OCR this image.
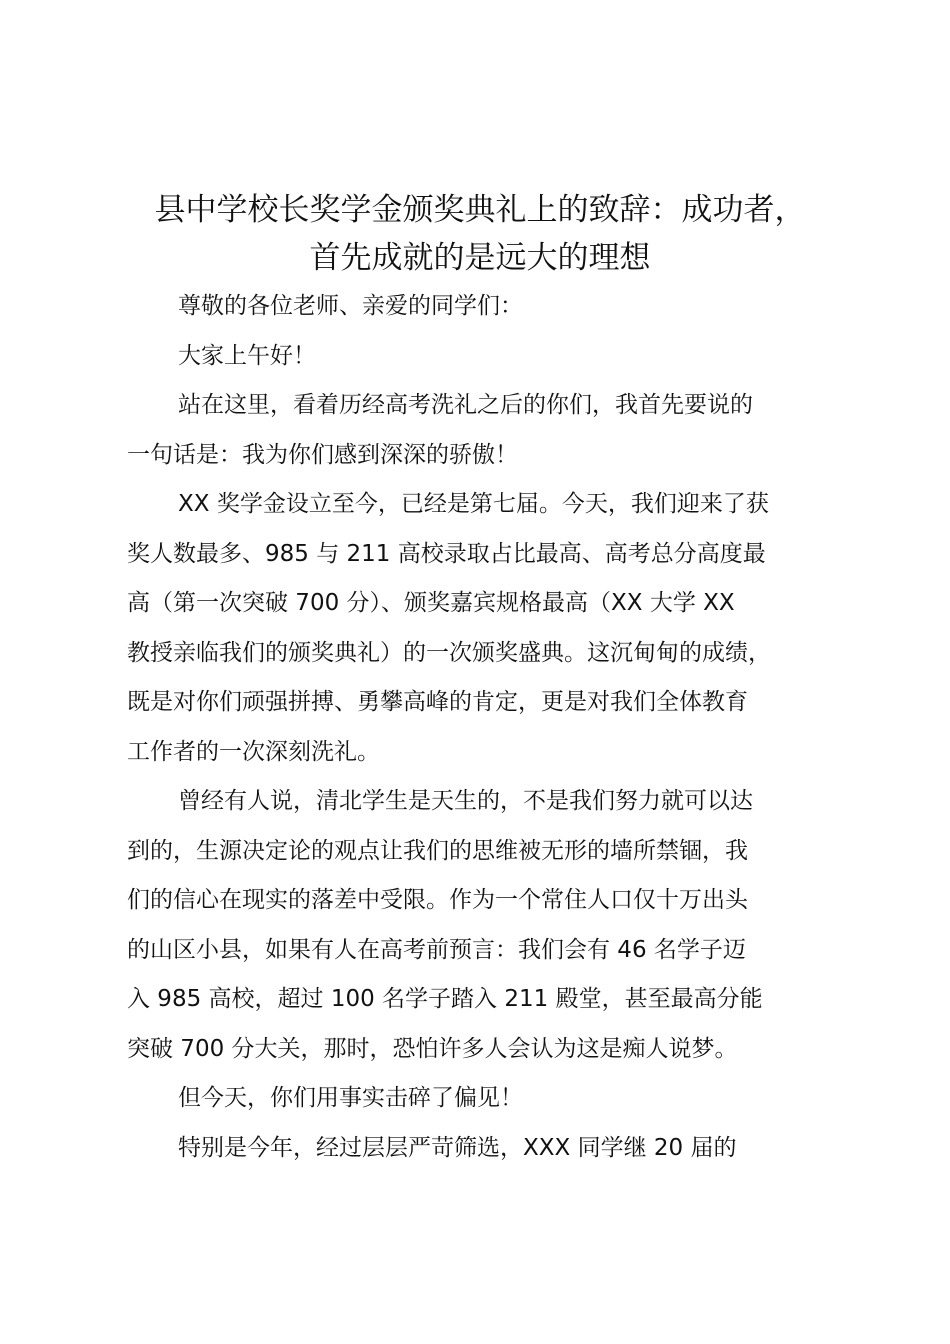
县中学校长奖学金颁奖典礼上的致辞：成功者，
首先成就的是远大的理想

尊敬的各位老师、亲爱的同学们：

大家上午好！

站在这里，看着历经高考洗礼之后的你们，我首先要说的
一句话是：我为你们感到深深的骄傲！

XX 奖学金设立至今，已经是第七届。今天，我们迎来了获
奖人数最多、985 与 211 高校录取占比最高、高考总分高度最
高（第一次突破 700 分）、颁奖嘉宾规格最高（XX 大学 XX
教授亲临我们的颁奖典礼）的一次颁奖盛典。这沉甸甸的成绩，
既是对你们顽强拼搏、勇攀高峰的肯定，更是对我们全体教育
工作者的一次深刻洗礼。

曾经有人说，清北学生是天生的，不是我们努力就可以达
到的，生源决定论的观点让我们的思维被无形的墙所禁锢，我
们的信心在现实的落差中受限。作为一个常住人口仅十万出头
的山区小县，如果有人在高考前预言：我们会有 46 名学子迈
入 985 高校，超过 100 名学子踏入 211 殿堂，甚至最高分能
突破 700 分大关，那时，恐怕许多人会认为这是痴人说梦。

但今天，你们用事实击碎了偏见！

特别是今年，经过层层严苛筛选，XXX 同学继 20 届的
